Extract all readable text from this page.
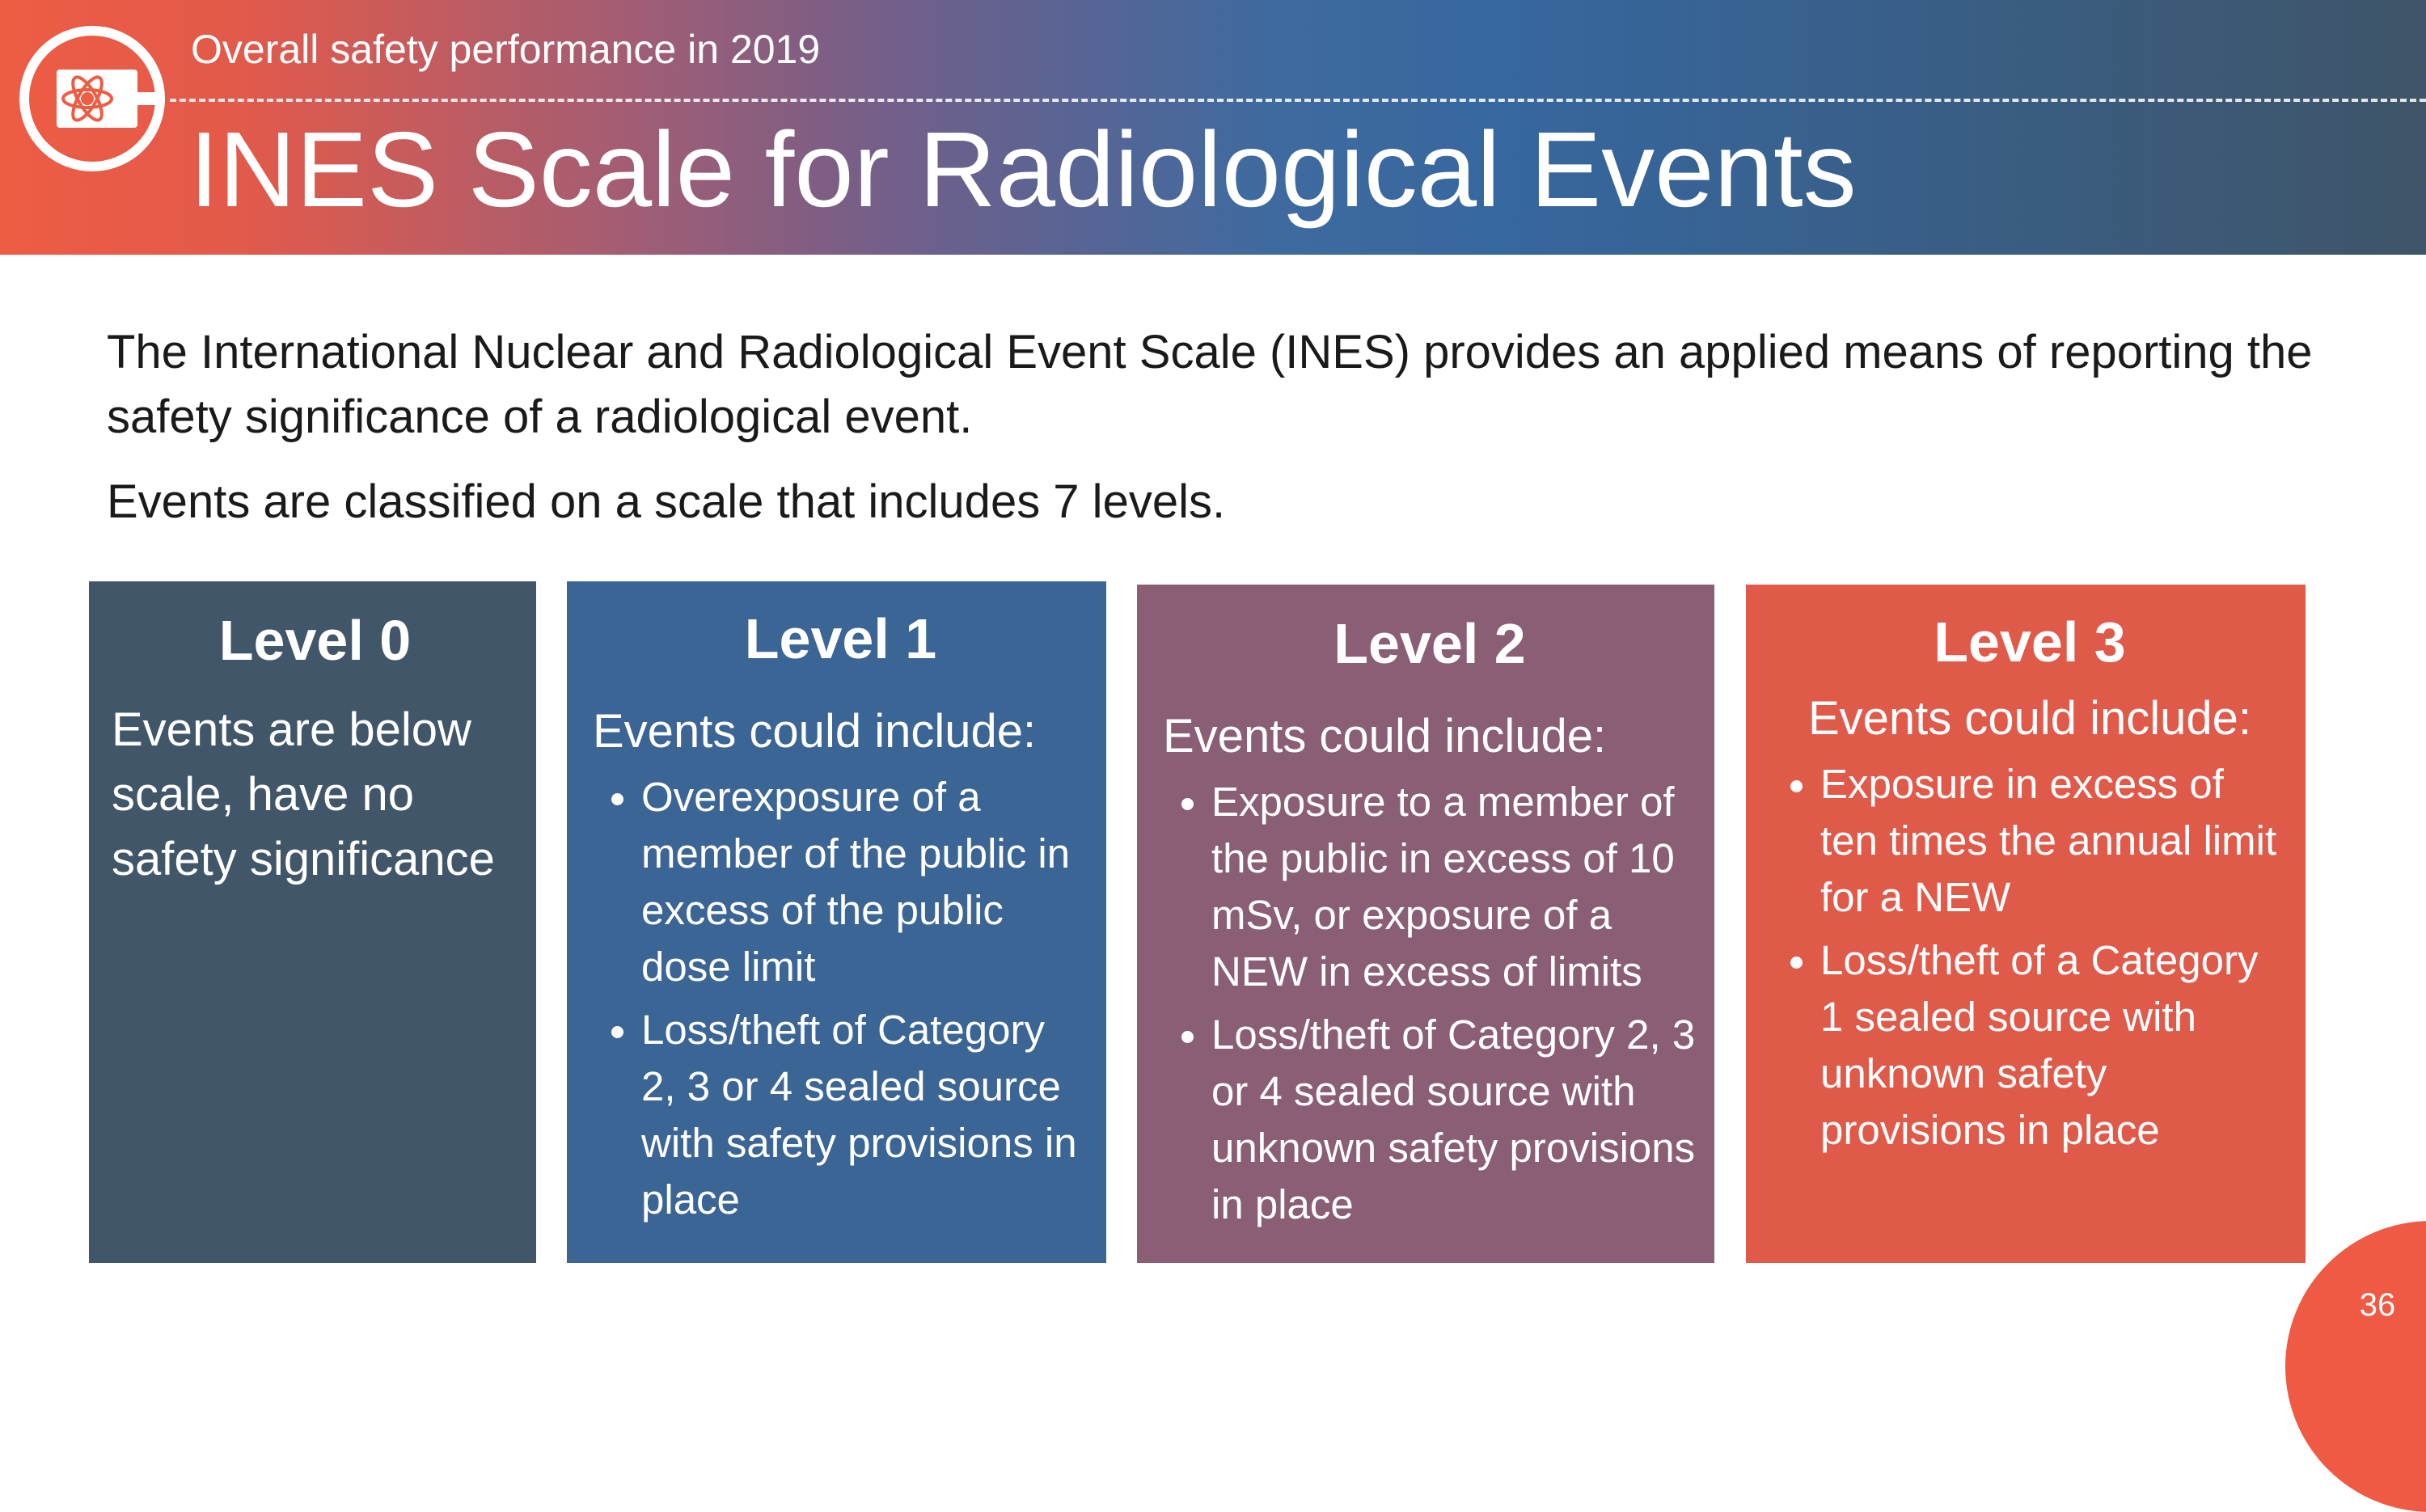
Overall safety performance in 2019
INES Scale for Radiological Events
The International Nuclear and Radiological Event Scale (INES) provides an applied means of reporting the safety significance of a radiological event.
Events are classified on a scale that includes 7 levels.
Level 0
Events are below scale, have no safety significance
Level 1
Events could include:
• Overexposure of a member of the public in excess of the public dose limit
• Loss/theft of Category 2, 3 or 4 sealed source with safety provisions in place
Level 2
Events could include:
• Exposure to a member of the public in excess of 10 mSv, or exposure of a NEW in excess of limits
• Loss/theft of Category 2, 3 or 4 sealed source with unknown safety provisions in place
Level 3
Events could include:
• Exposure in excess of ten times the annual limit for a NEW
• Loss/theft of a Category 1 sealed source with unknown safety provisions in place
36
